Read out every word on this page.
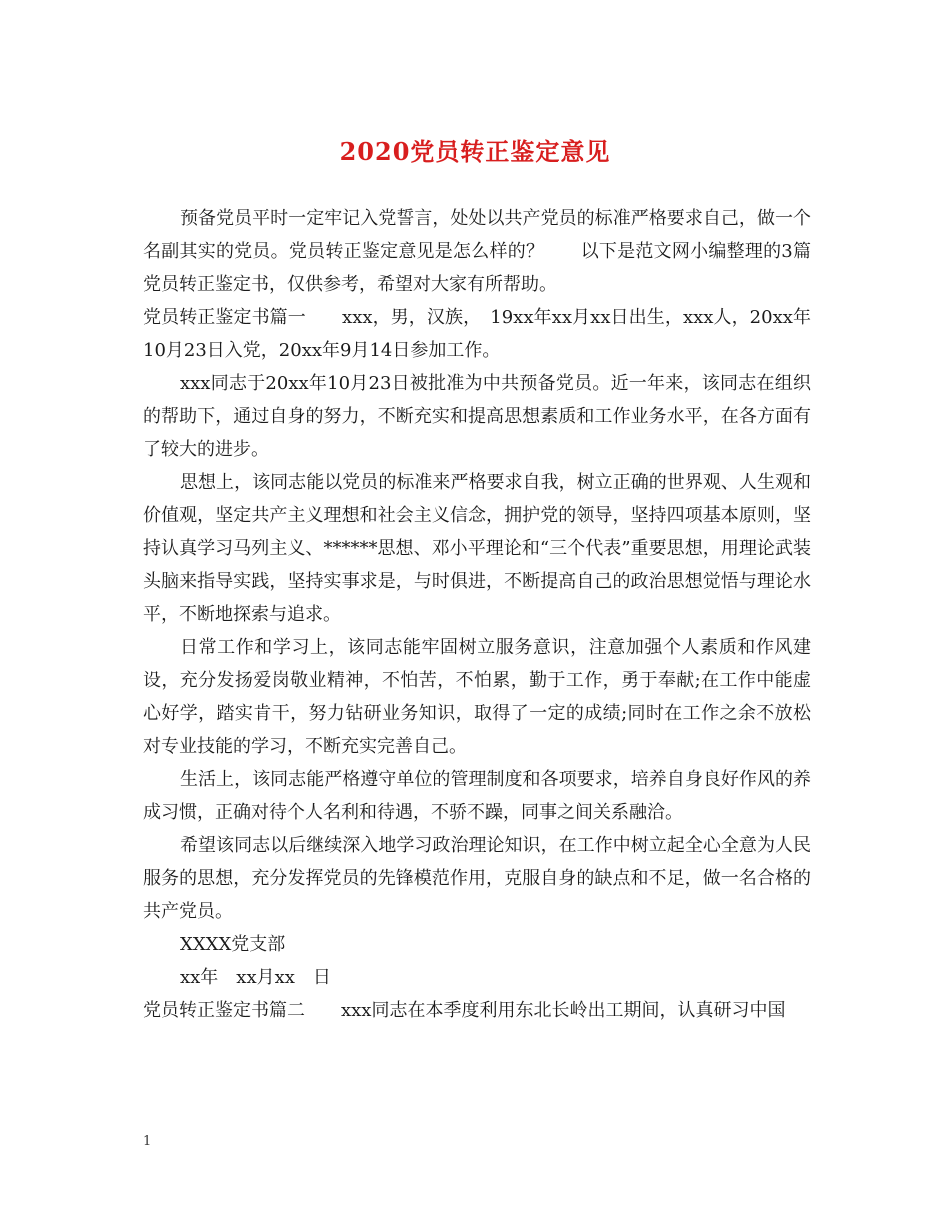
2020党员转正鉴定意见

预备党员平时一定牢记入党誓言，处处以共产党员的标准严格要求自己，做一个名副其实的党员。党员转正鉴定意见是怎么样的？　　以下是范文网小编整理的3篇党员转正鉴定书，仅供参考，希望对大家有所帮助。

党员转正鉴定书篇一　　xxx，男，汉族，　19xx年xx月xx日出生，xxx人，20xx年10月23日入党，20xx年9月14日参加工作。

xxx同志于20xx年10月23日被批准为中共预备党员。近一年来，该同志在组织的帮助下，通过自身的努力，不断充实和提高思想素质和工作业务水平，在各方面有了较大的进步。

思想上，该同志能以党员的标准来严格要求自我，树立正确的世界观、人生观和价值观，坚定共产主义理想和社会主义信念，拥护党的领导，坚持四项基本原则，坚持认真学习马列主义、******思想、邓小平理论和“三个代表”重要思想，用理论武装头脑来指导实践，坚持实事求是，与时俱进，不断提高自己的政治思想觉悟与理论水平，不断地探索与追求。

日常工作和学习上，该同志能牢固树立服务意识，注意加强个人素质和作风建设，充分发扬爱岗敬业精神，不怕苦，不怕累，勤于工作，勇于奉献;在工作中能虚心好学，踏实肯干，努力钻研业务知识，取得了一定的成绩;同时在工作之余不放松对专业技能的学习，不断充实完善自己。

生活上，该同志能严格遵守单位的管理制度和各项要求，培养自身良好作风的养成习惯，正确对待个人名利和待遇，不骄不躁，同事之间关系融洽。

希望该同志以后继续深入地学习政治理论知识，在工作中树立起全心全意为人民服务的思想，充分发挥党员的先锋模范作用，克服自身的缺点和不足，做一名合格的共产党员。

XXXX党支部

xx年　xx月xx　日

党员转正鉴定书篇二　　xxx同志在本季度利用东北长岭出工期间，认真研习中国

1
